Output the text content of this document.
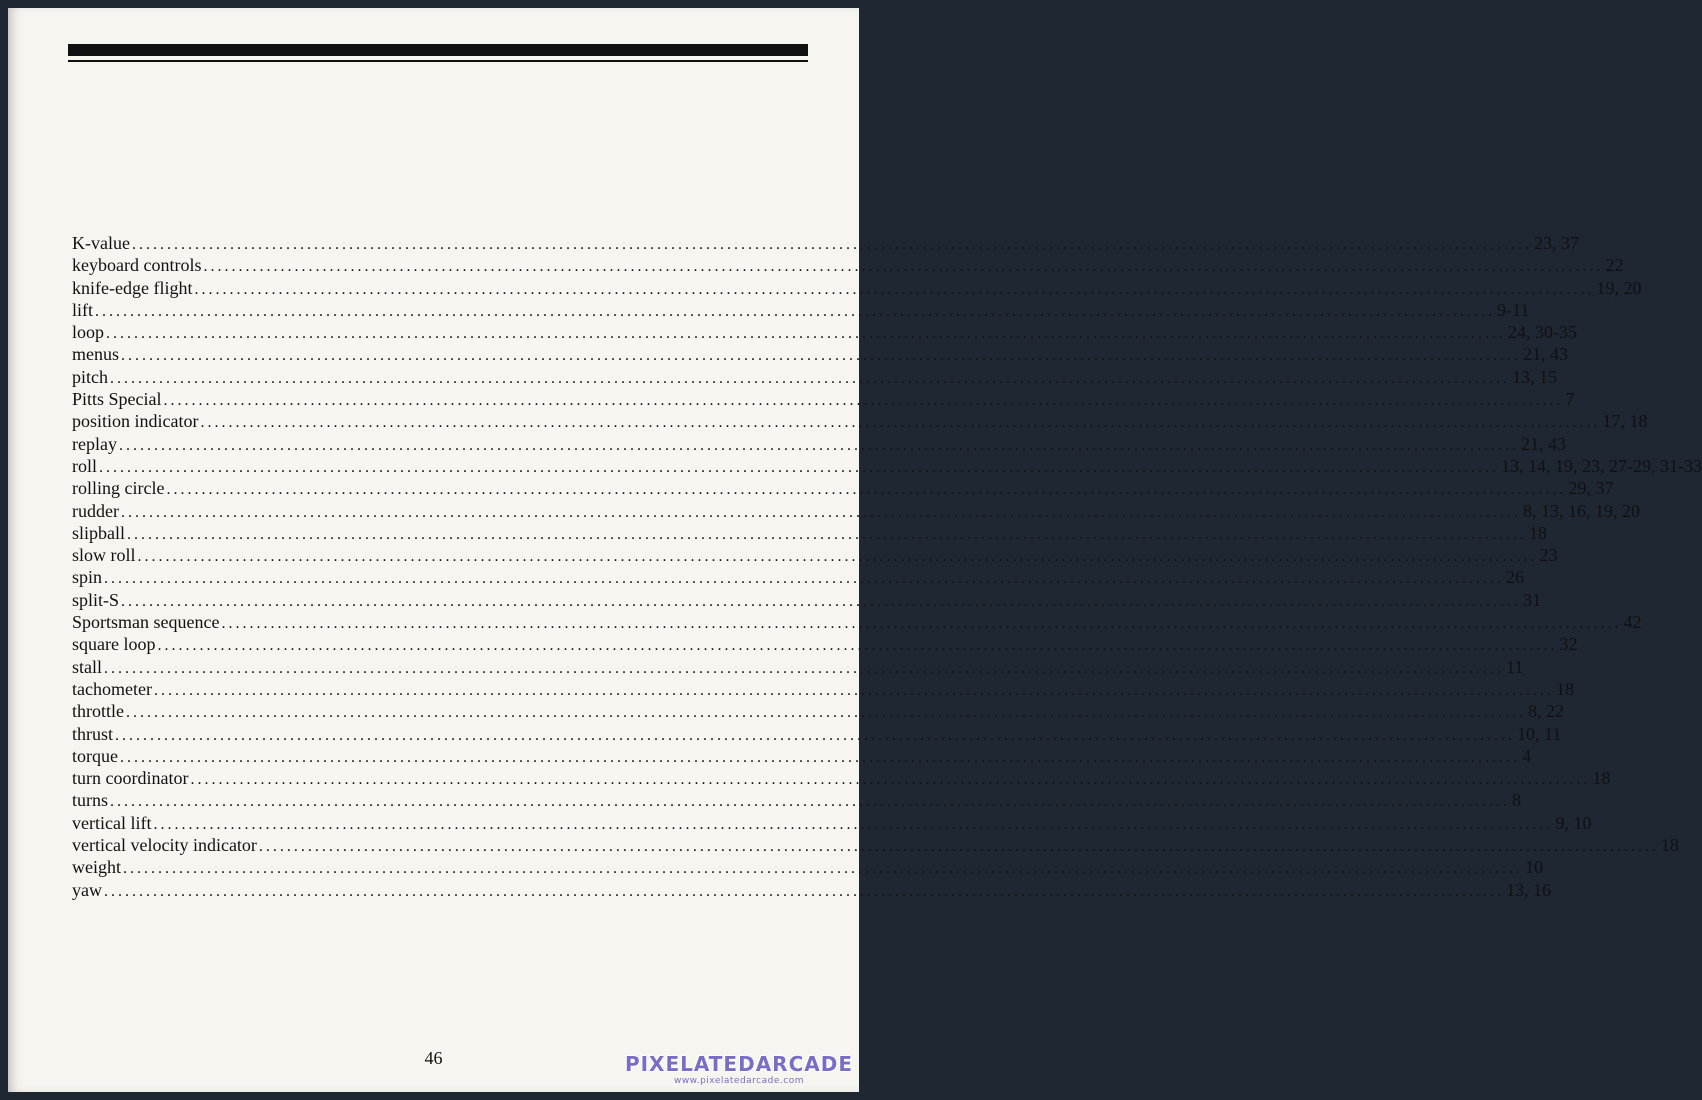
K-value ........................................................................................................................................................................................................ 23, 37
keyboard controls ........................................................................................................................................................................................................ 22
knife-edge flight ........................................................................................................................................................................................................ 19, 20
lift ........................................................................................................................................................................................................ 9-11
loop ........................................................................................................................................................................................................ 24, 30-35
menus ........................................................................................................................................................................................................ 21, 43
pitch ........................................................................................................................................................................................................ 13, 15
Pitts Special ........................................................................................................................................................................................................ 7
position indicator ........................................................................................................................................................................................................ 17, 18
replay ........................................................................................................................................................................................................ 21, 43
roll ........................................................................................................................................................................................................ 13, 14, 19, 23, 27-29, 31-33
rolling circle ........................................................................................................................................................................................................ 29, 37
rudder ........................................................................................................................................................................................................ 8, 13, 16, 19, 20
slipball ........................................................................................................................................................................................................ 18
slow roll ........................................................................................................................................................................................................ 23
spin ........................................................................................................................................................................................................ 26
split-S ........................................................................................................................................................................................................ 31
Sportsman sequence ........................................................................................................................................................................................................ 42
square loop ........................................................................................................................................................................................................ 32
stall ........................................................................................................................................................................................................ 11
tachometer ........................................................................................................................................................................................................ 18
throttle ........................................................................................................................................................................................................ 8, 22
thrust ........................................................................................................................................................................................................ 10, 11
torque ........................................................................................................................................................................................................ 4
turn coordinator ........................................................................................................................................................................................................ 18
turns ........................................................................................................................................................................................................ 8
vertical lift ........................................................................................................................................................................................................ 9, 10
vertical velocity indicator ........................................................................................................................................................................................................ 18
weight ........................................................................................................................................................................................................ 10
yaw ........................................................................................................................................................................................................ 13, 16
46	PIXELATEDARCADE
www.pixelatedarcade.com
